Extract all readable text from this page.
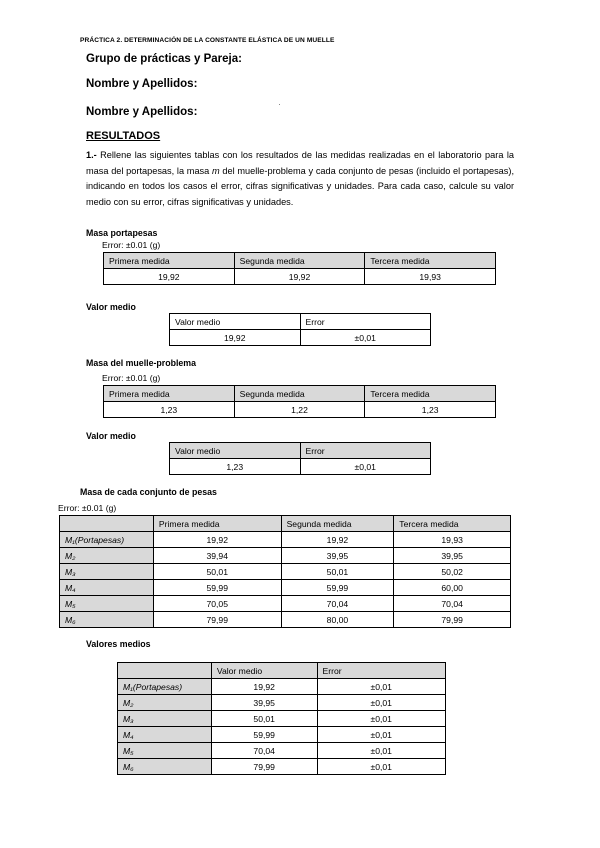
PRÁCTICA 2. DETERMINACIÓN DE LA CONSTANTE ELÁSTICA DE UN MUELLE
Grupo de prácticas y Pareja:
Nombre y Apellidos:
Nombre y Apellidos:
RESULTADOS
1.- Rellene las siguientes tablas con los resultados de las medidas realizadas en el laboratorio para la masa del portapesas, la masa m del muelle-problema y cada conjunto de pesas (incluido el portapesas), indicando en todos los casos el error, cifras significativas y unidades. Para cada caso, calcule su valor medio con su error, cifras significativas y unidades.
Masa portapesas
Error: ±0.01 (g)
Primera medida	Segunda medida	Tercera medida
19,92	19,92	19,93
Valor medio
Valor medio	Error
19,92	±0,01
Masa del muelle-problema
Error: ±0.01 (g)
Primera medida	Segunda medida	Tercera medida
1,23	1,22	1,23
Valor medio
Valor medio	Error
1,23	±0,01
Masa de cada conjunto de pesas
Error: ±0.01 (g)
	Primera medida	Segunda medida	Tercera medida
M₁(Portapesas)	19,92	19,92	19,93
M₂	39,94	39,95	39,95
M₃	50,01	50,01	50,02
M₄	59,99	59,99	60,00
M₅	70,05	70,04	70,04
M₆	79,99	80,00	79,99
Valores medios
	Valor medio	Error
M₁(Portapesas)	19,92	±0,01
M₂	39,95	±0,01
M₃	50,01	±0,01
M₄	59,99	±0,01
M₅	70,04	±0,01
M₆	79,99	±0,01
